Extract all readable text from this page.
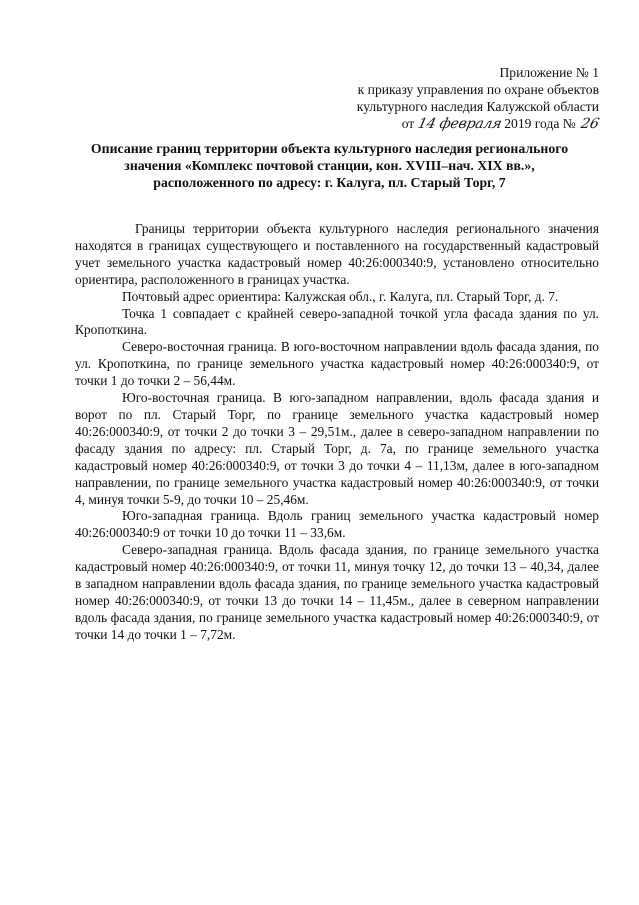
Приложение № 1
к приказу управления по охране объектов
культурного наследия Калужской области
от 14 февраля 2019 года № 26
Описание границ территории объекта культурного наследия регионального
значения «Комплекс почтовой станции, кон. XVIII–нач. XIX вв.»,
расположенного по адресу: г. Калуга, пл. Старый Торг, 7

Границы территории объекта культурного наследия регионального значения находятся в границах существующего и поставленного на государственный кадастровый учет земельного участка кадастровый номер 40:26:000340:9, установлено относительно ориентира, расположенного в границах участка.

Почтовый адрес ориентира: Калужская обл., г. Калуга, пл. Старый Торг, д. 7.

Точка 1 совпадает с крайней северо-западной точкой угла фасада здания по ул. Кропоткина.

Северо-восточная граница. В юго-восточном направлении вдоль фасада здания, по ул. Кропоткина, по границе земельного участка кадастровый номер 40:26:000340:9, от точки 1 до точки 2 – 56,44м.

Юго-восточная граница. В юго-западном направлении, вдоль фасада здания и ворот по пл. Старый Торг, по границе земельного участка кадастровый номер 40:26:000340:9, от точки 2 до точки 3 – 29,51м., далее в северо-западном направлении по фасаду здания по адресу: пл. Старый Торг, д. 7а, по границе земельного участка кадастровый номер 40:26:000340:9, от точки 3 до точки 4 – 11,13м, далее в юго-западном направлении, по границе земельного участка кадастровый номер 40:26:000340:9, от точки 4, минуя точки 5-9, до точки 10 – 25,46м.

Юго-западная граница. Вдоль границ земельного участка кадастровый номер 40:26:000340:9 от точки 10 до точки 11 – 33,6м.

Северо-западная граница. Вдоль фасада здания, по границе земельного участка кадастровый номер 40:26:000340:9, от точки 11, минуя точку 12, до точки 13 – 40,34, далее в западном направлении вдоль фасада здания, по границе земельного участка кадастровый номер 40:26:000340:9, от точки 13 до точки 14 – 11,45м., далее в северном направлении вдоль фасада здания, по границе земельного участка кадастровый номер 40:26:000340:9, от точки 14 до точки 1 – 7,72м.
